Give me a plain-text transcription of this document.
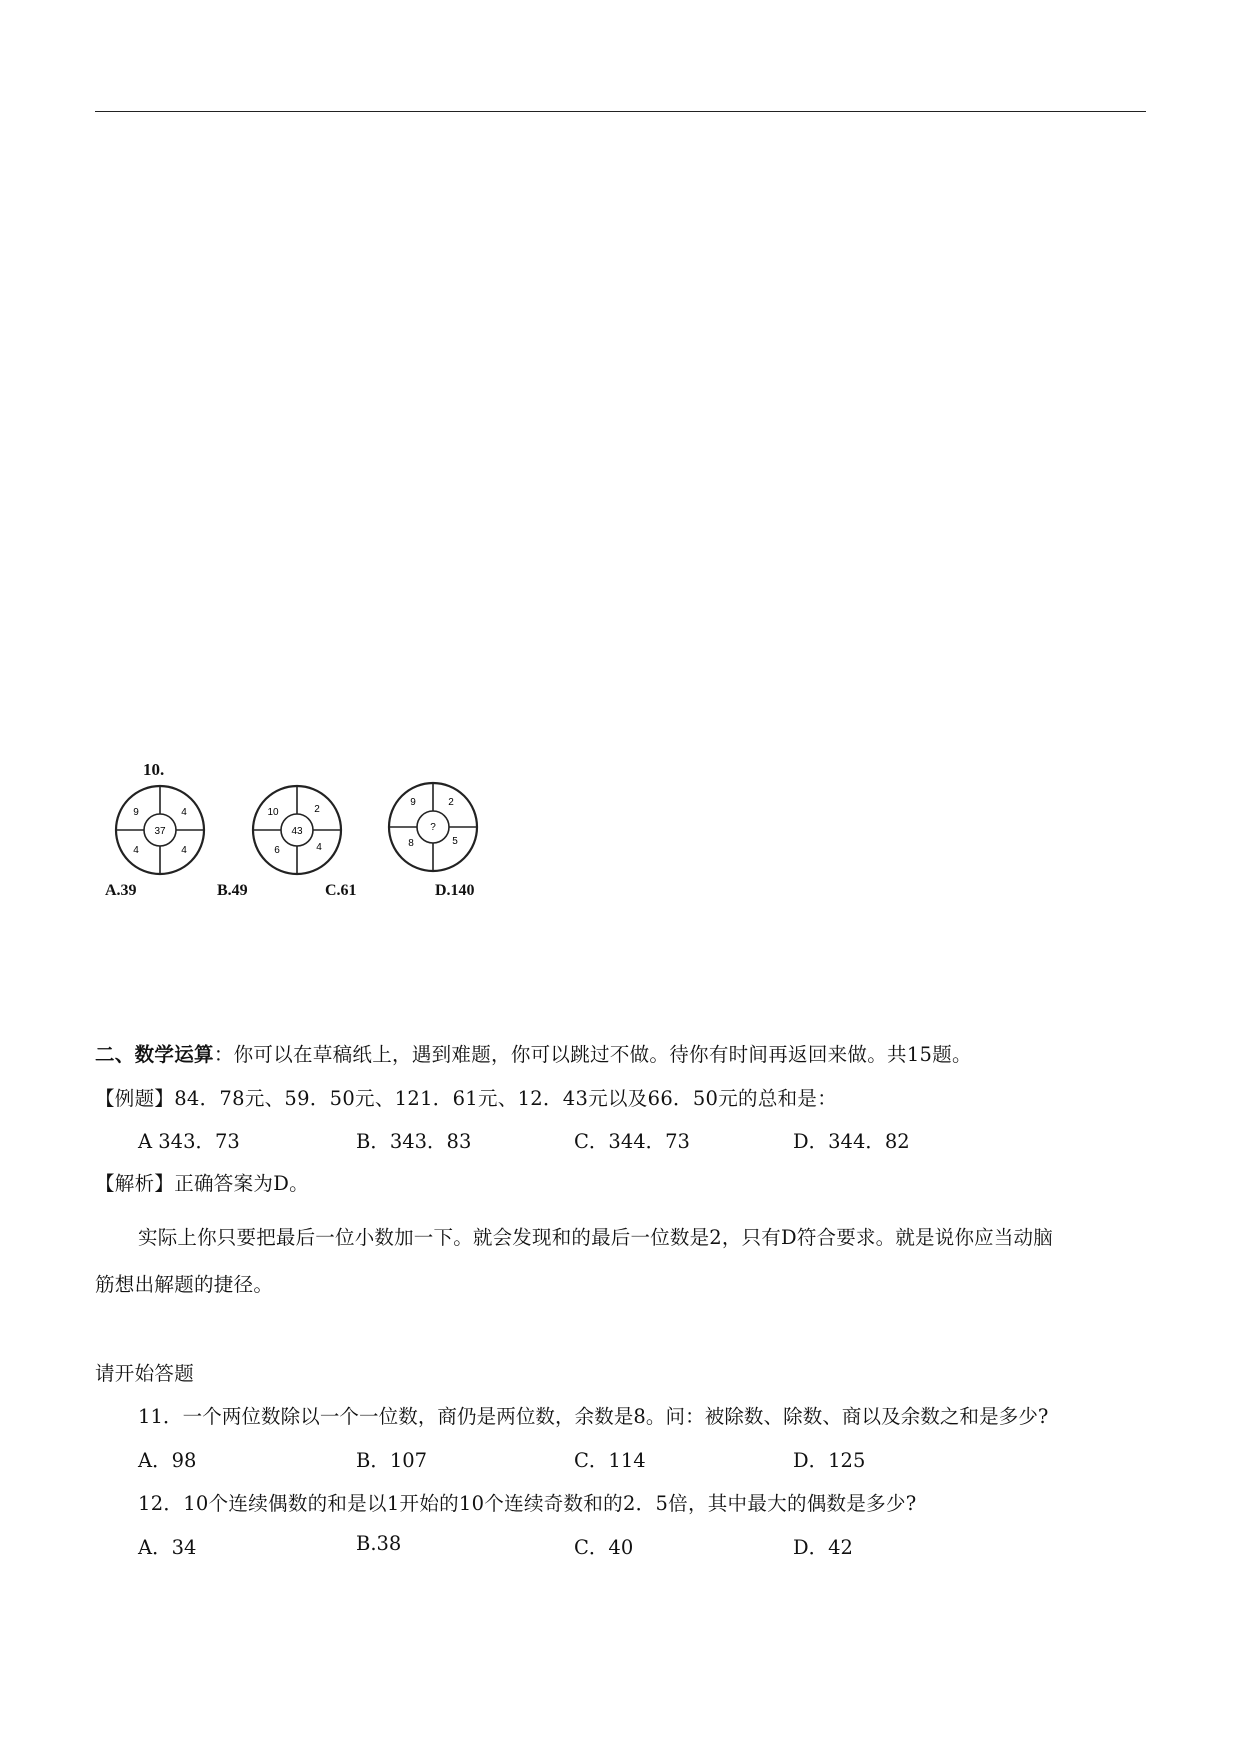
10.
9	4
37
4	4
10	2
43
6	4
9	2
?
8	5
A.39	B.49	C.61	D.140
二、数学运算：你可以在草稿纸上，遇到难题，你可以跳过不做。待你有时间再返回来做。共15题。
【例题】84．78元、59．50元、121．61元、12．43元以及66．50元的总和是：
A 343．73	B．343．83	C．344．73	D．344．82
【解析】正确答案为D。
实际上你只要把最后一位小数加一下。就会发现和的最后一位数是2，只有D符合要求。就是说你应当动脑
筋想出解题的捷径。
请开始答题
11．一个两位数除以一个一位数，商仍是两位数，余数是8。问：被除数、除数、商以及余数之和是多少?
A．98	B．107	C．114	D．125
12．10个连续偶数的和是以1开始的10个连续奇数和的2．5倍，其中最大的偶数是多少?
A．34	B.38	C．40	D．42
